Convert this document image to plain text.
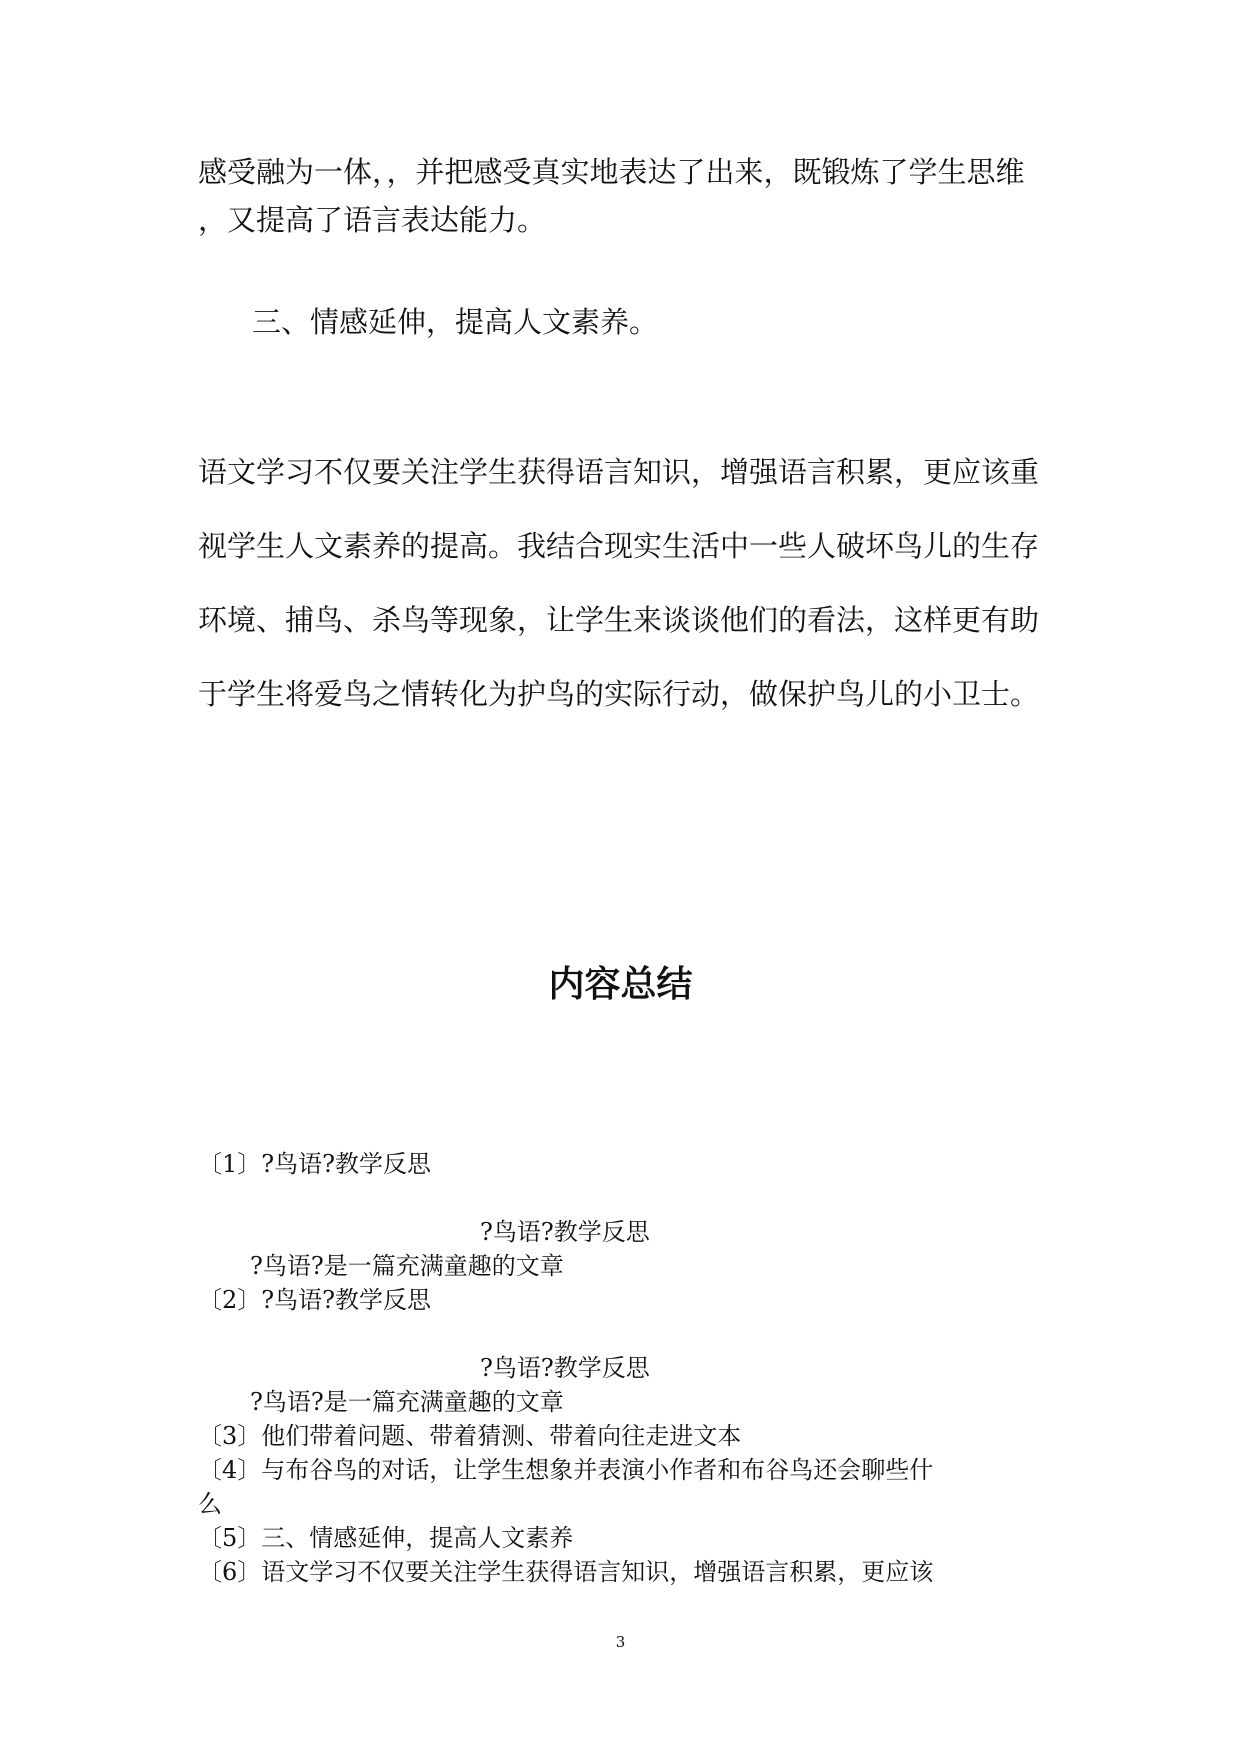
感受融为一体，，并把感受真实地表达了出来，既锻炼了学生思维
，又提高了语言表达能力。
三、情感延伸，提高人文素养。
语文学习不仅要关注学生获得语言知识，增强语言积累，更应该重
视学生人文素养的提高。我结合现实生活中一些人破坏鸟儿的生存
环境、捕鸟、杀鸟等现象，让学生来谈谈他们的看法，这样更有助
于学生将爱鸟之情转化为护鸟的实际行动，做保护鸟儿的小卫士。
内容总结
〔1〕?鸟语?教学反思
?鸟语?教学反思
?鸟语?是一篇充满童趣的文章
〔2〕?鸟语?教学反思
?鸟语?教学反思
?鸟语?是一篇充满童趣的文章
〔3〕他们带着问题、带着猜测、带着向往走进文本
〔4〕与布谷鸟的对话，让学生想象并表演小作者和布谷鸟还会聊些什
么
〔5〕三、情感延伸，提高人文素养
〔6〕语文学习不仅要关注学生获得语言知识，增强语言积累，更应该
3
